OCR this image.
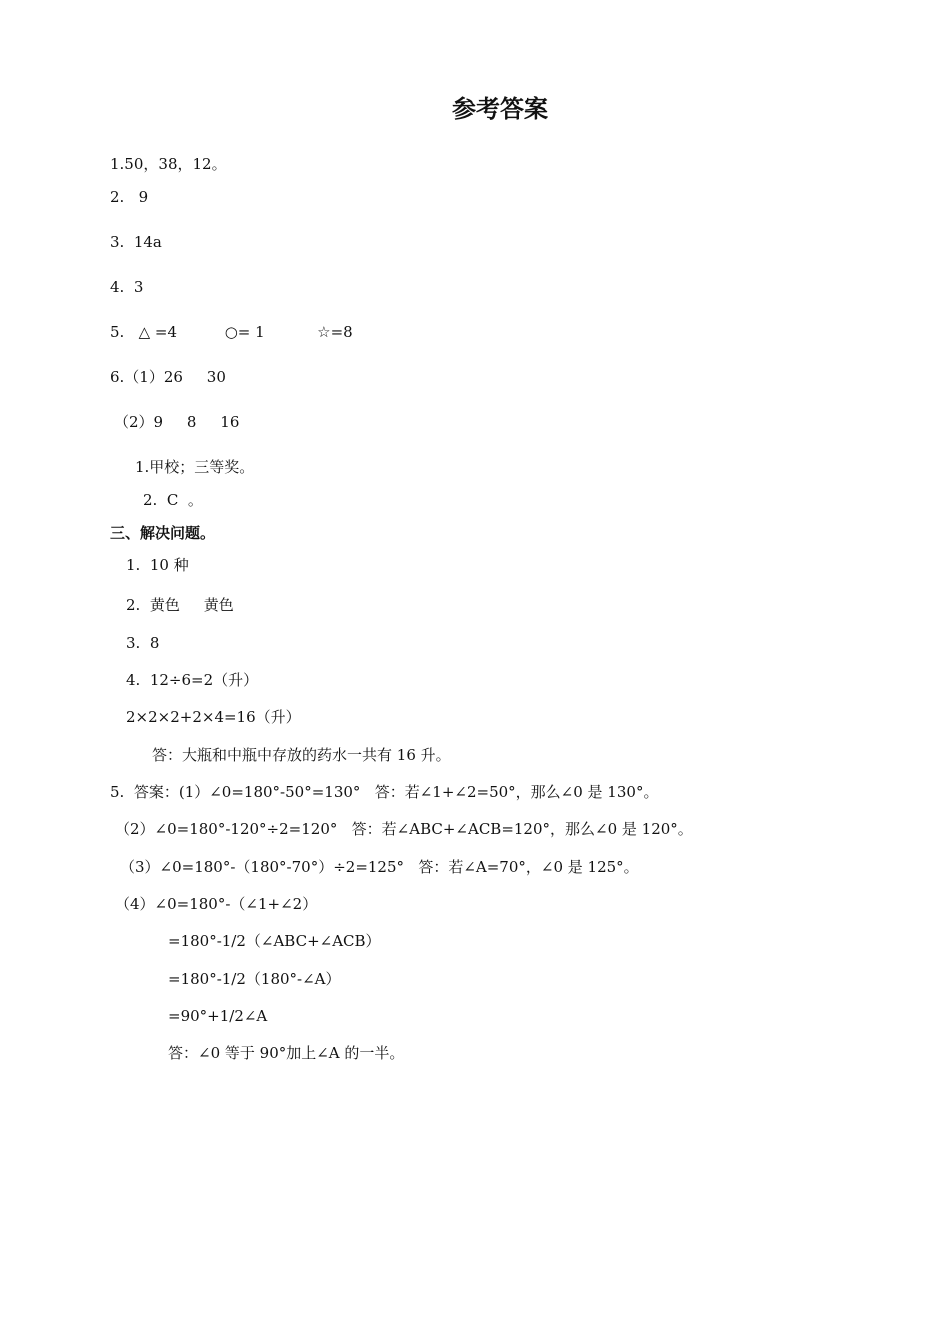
参考答案
1.50，38，12。
2.   9
3.  14a
4.  3
5.   △ =4          ○= 1           ☆=8
6.（1）26     30
（2）9     8     16
1.甲校；三等奖。
2.  C  。
三、解决问题。
1.  10 种
2.  黄色     黄色
3.  8
4.  12÷6=2（升）
2×2×2+2×4=16（升）
答：大瓶和中瓶中存放的药水一共有 16 升。
5.  答案：(1）∠0=180°-50°=130°   答：若∠1+∠2=50°，那么∠0 是 130°。
（2）∠0=180°-120°÷2=120°   答：若∠ABC+∠ACB=120°，那么∠0 是 120°。
（3）∠0=180°-（180°-70°）÷2=125°   答：若∠A=70°，∠0 是 125°。
（4）∠0=180°-（∠1+∠2）
=180°-1/2（∠ABC+∠ACB）
=180°-1/2（180°-∠A）
=90°+1/2∠A
答：∠0 等于 90°加上∠A 的一半。
